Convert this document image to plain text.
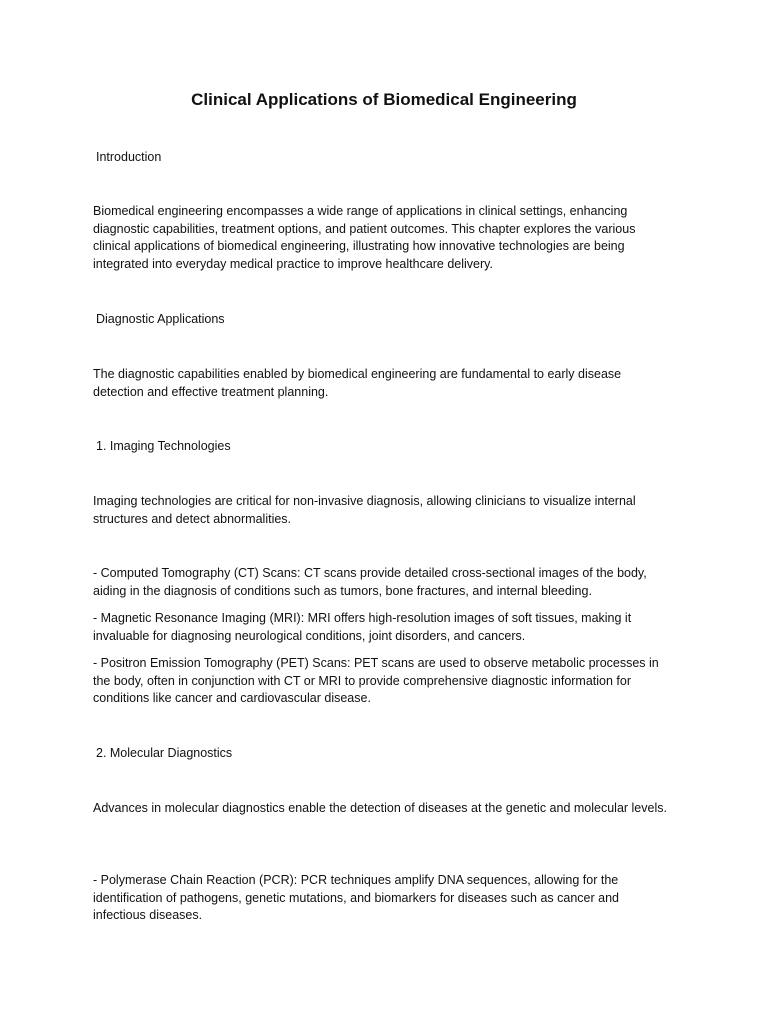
Clinical Applications of Biomedical Engineering
Introduction
Biomedical engineering encompasses a wide range of applications in clinical settings, enhancing diagnostic capabilities, treatment options, and patient outcomes. This chapter explores the various clinical applications of biomedical engineering, illustrating how innovative technologies are being integrated into everyday medical practice to improve healthcare delivery.
Diagnostic Applications
The diagnostic capabilities enabled by biomedical engineering are fundamental to early disease detection and effective treatment planning.
1. Imaging Technologies
Imaging technologies are critical for non-invasive diagnosis, allowing clinicians to visualize internal structures and detect abnormalities.
- Computed Tomography (CT) Scans: CT scans provide detailed cross-sectional images of the body, aiding in the diagnosis of conditions such as tumors, bone fractures, and internal bleeding.
- Magnetic Resonance Imaging (MRI): MRI offers high-resolution images of soft tissues, making it invaluable for diagnosing neurological conditions, joint disorders, and cancers.
- Positron Emission Tomography (PET) Scans: PET scans are used to observe metabolic processes in the body, often in conjunction with CT or MRI to provide comprehensive diagnostic information for conditions like cancer and cardiovascular disease.
2. Molecular Diagnostics
Advances in molecular diagnostics enable the detection of diseases at the genetic and molecular levels.
- Polymerase Chain Reaction (PCR): PCR techniques amplify DNA sequences, allowing for the identification of pathogens, genetic mutations, and biomarkers for diseases such as cancer and infectious diseases.
